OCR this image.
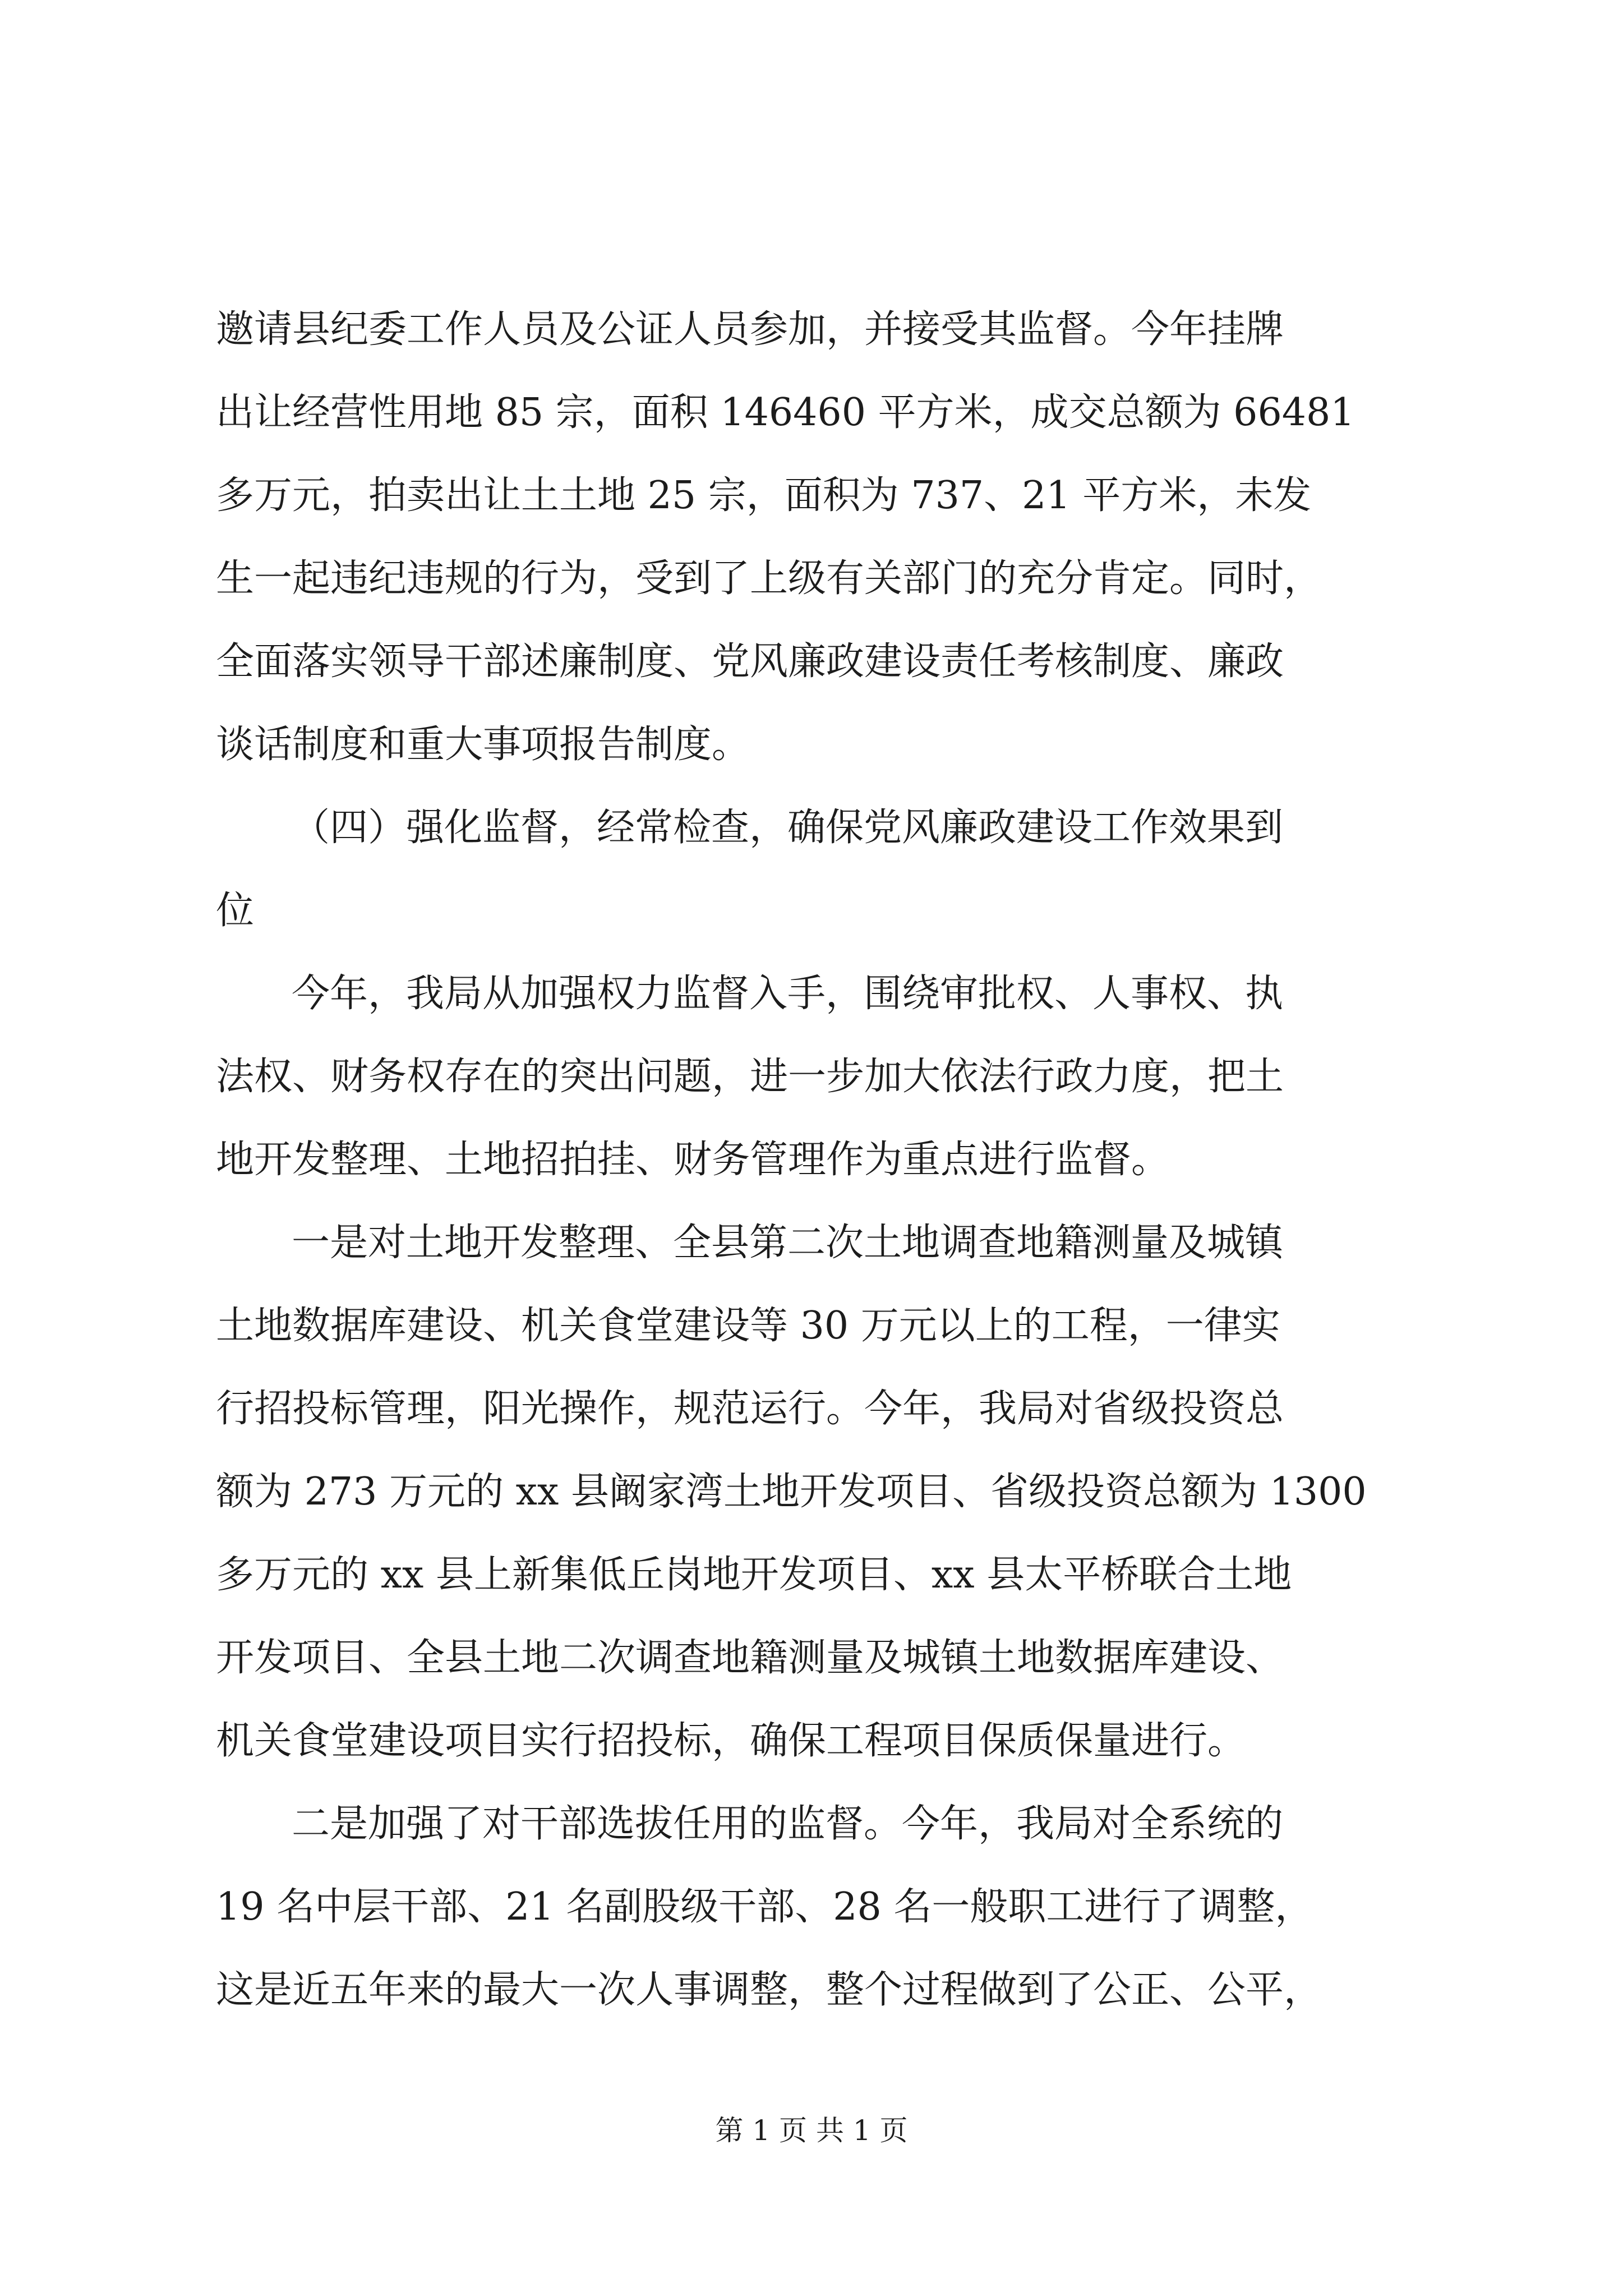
邀请县纪委工作人员及公证人员参加，并接受其监督。今年挂牌
出让经营性用地 85 宗，面积 146460 平方米，成交总额为 66481
多万元，拍卖出让土土地 25 宗，面积为 737、21 平方米，未发
生一起违纪违规的行为，受到了上级有关部门的充分肯定。同时，
全面落实领导干部述廉制度、党风廉政建设责任考核制度、廉政
谈话制度和重大事项报告制度。
（四）强化监督，经常检查，确保党风廉政建设工作效果到
位
今年，我局从加强权力监督入手，围绕审批权、人事权、执
法权、财务权存在的突出问题，进一步加大依法行政力度，把土
地开发整理、土地招拍挂、财务管理作为重点进行监督。
一是对土地开发整理、全县第二次土地调查地籍测量及城镇
土地数据库建设、机关食堂建设等 30 万元以上的工程，一律实
行招投标管理，阳光操作，规范运行。今年，我局对省级投资总
额为 273 万元的 xx 县阚家湾土地开发项目、省级投资总额为 1300
多万元的 xx 县上新集低丘岗地开发项目、xx 县太平桥联合土地
开发项目、全县土地二次调查地籍测量及城镇土地数据库建设、
机关食堂建设项目实行招投标，确保工程项目保质保量进行。
二是加强了对干部选拔任用的监督。今年，我局对全系统的
19 名中层干部、21 名副股级干部、28 名一般职工进行了调整，
这是近五年来的最大一次人事调整，整个过程做到了公正、公平，
第 1 页 共 1 页
